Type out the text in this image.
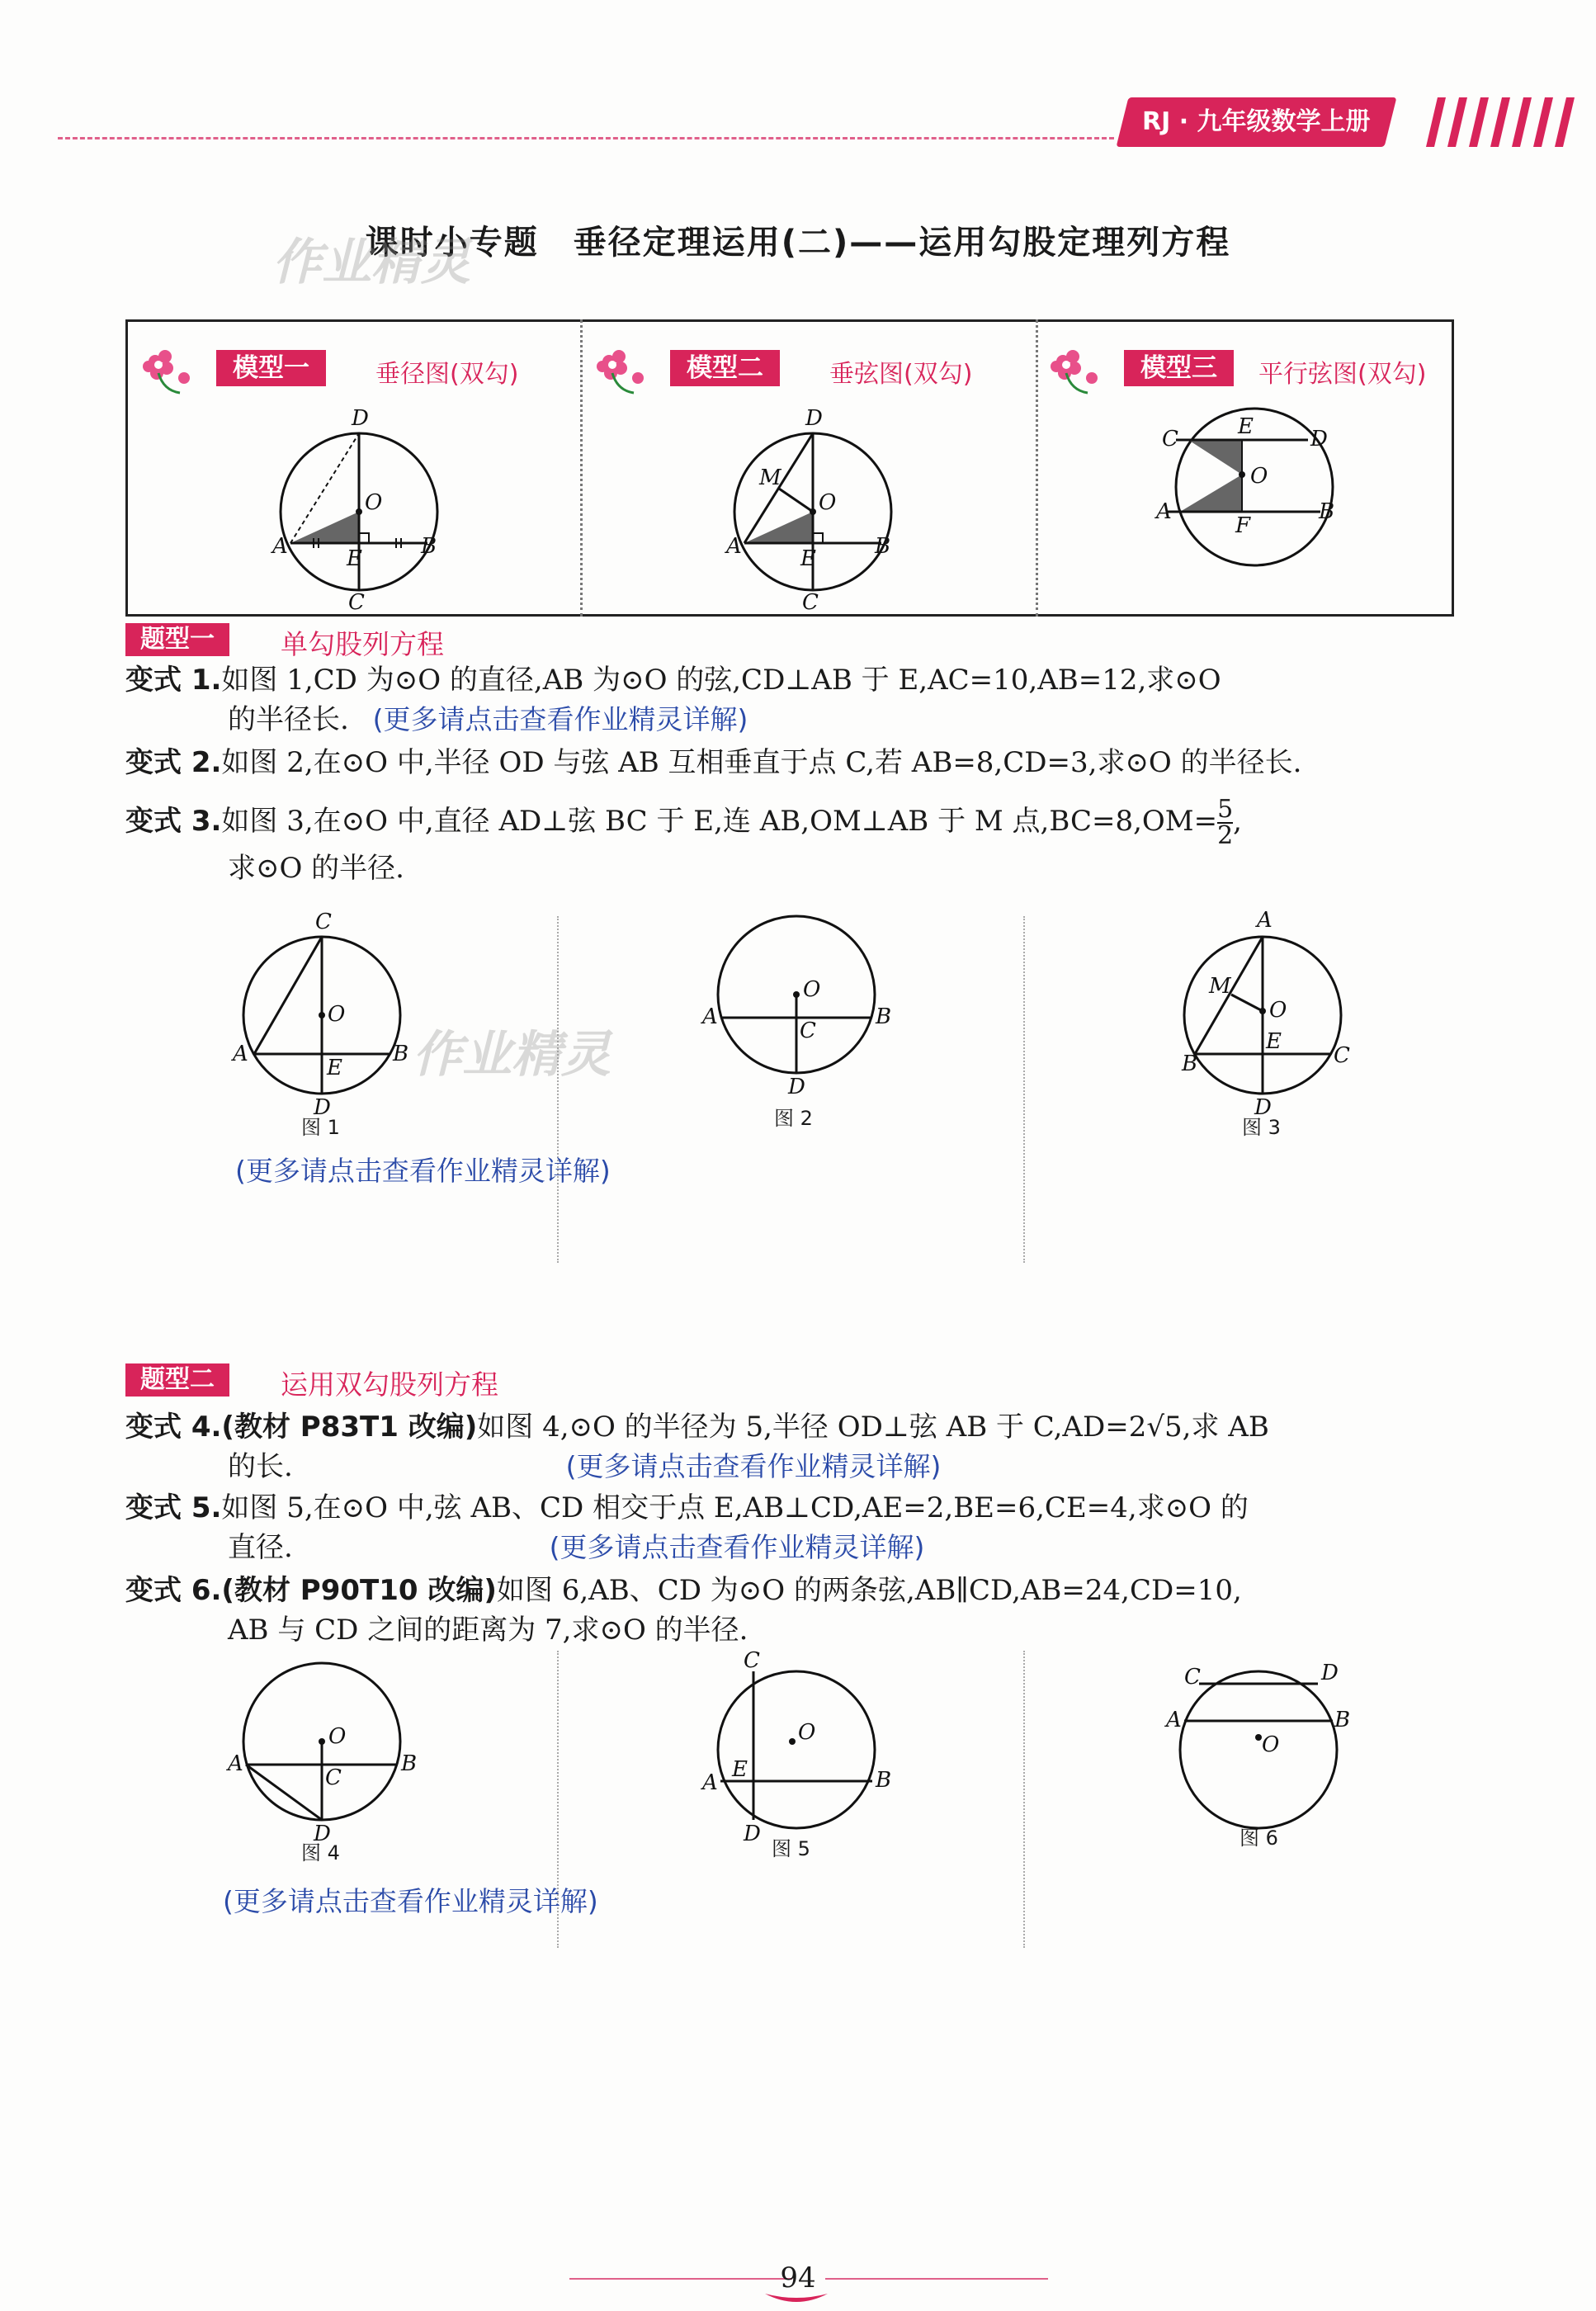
RJ · 九年级数学上册
课时小专题　垂径定理运用(二)——运用勾股定理列方程
作业精灵
模型一	垂径图(双勾)	模型二	垂弦图(双勾)	模型三	平行弦图(双勾)
D
O
A	E	B
C
D
M
O
A	E	B
C
C	E	D
O
A
F
B
题型一	单勾股列方程
变式 1.如图 1,CD 为⊙O 的直径,AB 为⊙O 的弦,CD⊥AB 于 E,AC=10,AB=12,求⊙O
的半径长. (更多请点击查看作业精灵详解)
变式 2.如图 2,在⊙O 中,半径 OD 与弦 AB 互相垂直于点 C,若 AB=8,CD=3,求⊙O 的半径长.
变式 3.如图 3,在⊙O 中,直径 AD⊥弦 BC 于 E,连 AB,OM⊥AB 于 M 点$,BC=8,OM= \frac{5}{2}$ ,
求⊙O 的半径.
C
O
A
E
B
D
图 1
作业精灵
O
A
C
B
D
图 2
A
M
O
B
E
C
D
图 3
(更多请点击查看作业精灵详解)
题型二	运用双勾股列方程
变式 4.(教材 P83T1 改编)如图 4,⊙O 的半径为 5,半径 OD⊥弦 AB 于 C,AD=2√5,求 AB
的长.	(更多请点击查看作业精灵详解)
变式 5.如图 5,在⊙O 中,弦 AB、CD 相交于点 E,AB⊥CD,AE=2,BE=6,CE=4,求⊙O 的
直径.	(更多请点击查看作业精灵详解)
变式 6.(教材 P90T10 改编)如图 6,AB、CD 为⊙O 的两条弦,AB∥CD,AB=24,CD=10,
AB 与 CD 之间的距离为 7,求⊙O 的半径.
O
A
C
B
D
图 4
C
O
E
A	B
D
图 5
C	D
A	B
O
图 6
(更多请点击查看作业精灵详解)
94
